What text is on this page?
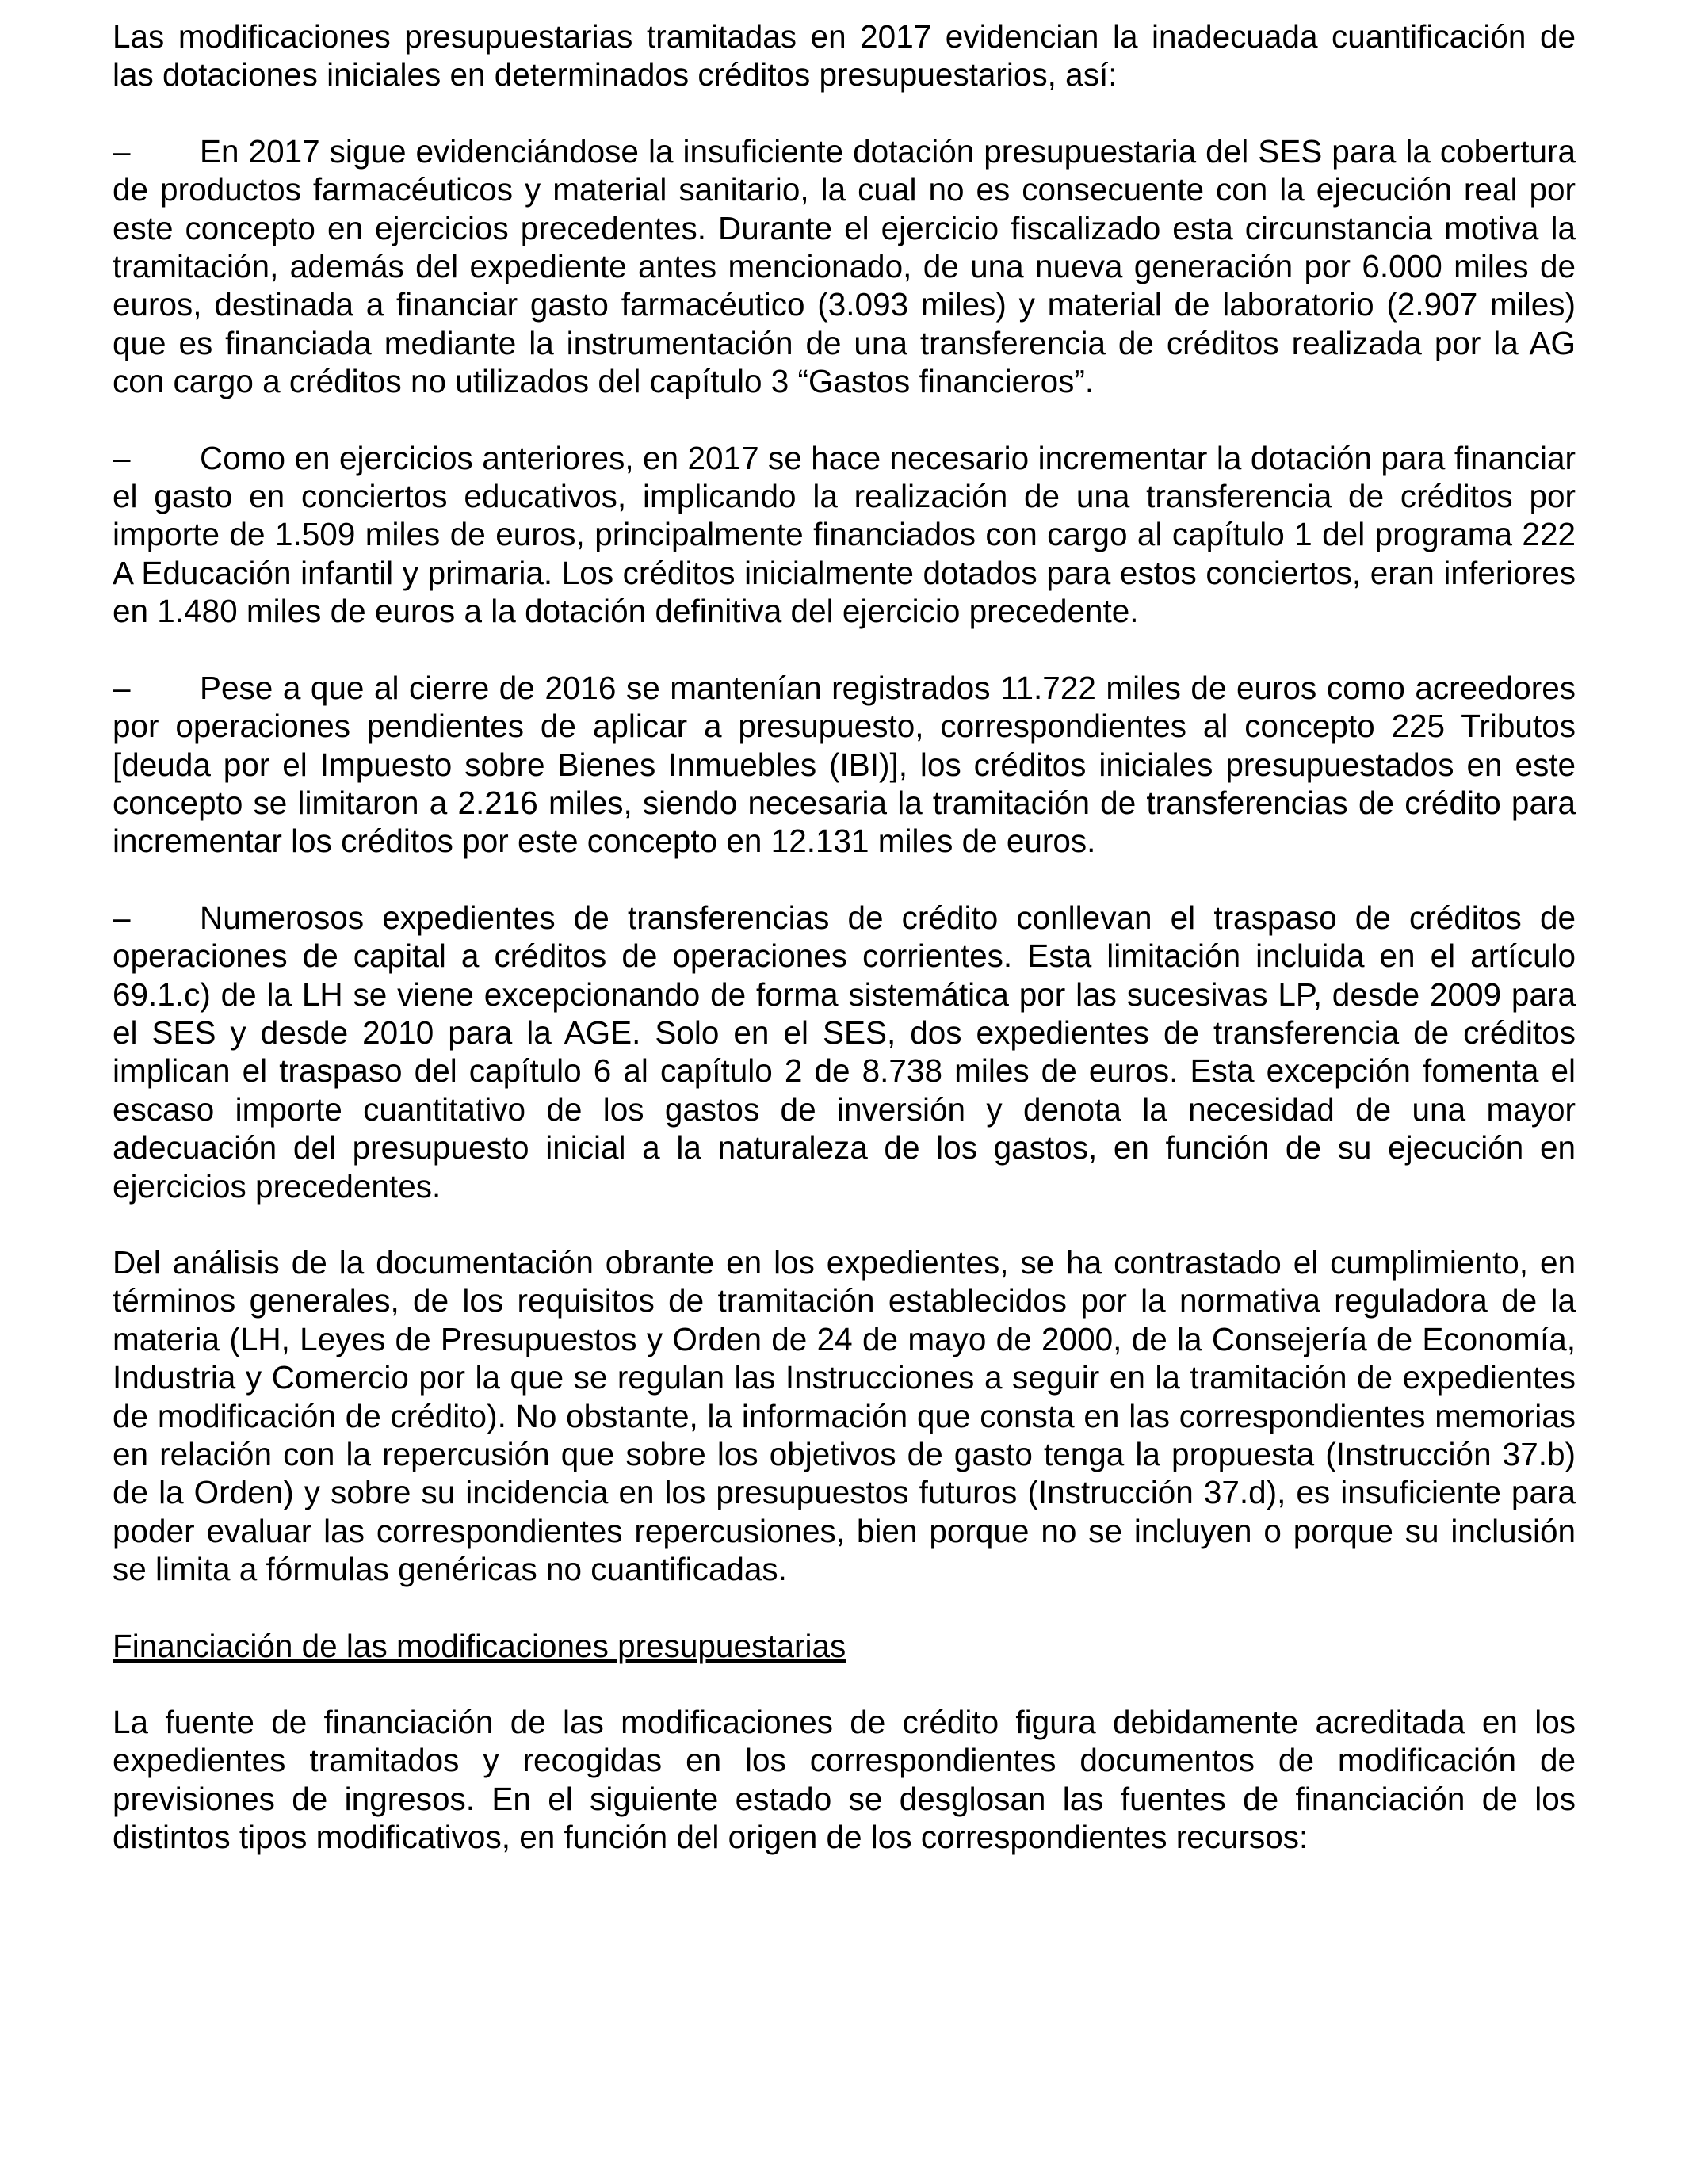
Las modificaciones presupuestarias tramitadas en 2017 evidencian la inadecuada cuantificación de las dotaciones iniciales en determinados créditos presupuestarios, así:

– En 2017 sigue evidenciándose la insuficiente dotación presupuestaria del SES para la cobertura de productos farmacéuticos y material sanitario, la cual no es consecuente con la ejecución real por este concepto en ejercicios precedentes. Durante el ejercicio fiscalizado esta circunstancia motiva la tramitación, además del expediente antes mencionado, de una nueva generación por 6.000 miles de euros, destinada a financiar gasto farmacéutico (3.093 miles) y material de laboratorio (2.907 miles) que es financiada mediante la instrumentación de una transferencia de créditos realizada por la AG con cargo a créditos no utilizados del capítulo 3 “Gastos financieros”.
– Como en ejercicios anteriores, en 2017 se hace necesario incrementar la dotación para financiar el gasto en conciertos educativos, implicando la realización de una transferencia de créditos por importe de 1.509 miles de euros, principalmente financiados con cargo al capítulo 1 del programa 222 A Educación infantil y primaria. Los créditos inicialmente dotados para estos conciertos, eran inferiores en 1.480 miles de euros a la dotación definitiva del ejercicio precedente.
– Pese a que al cierre de 2016 se mantenían registrados 11.722 miles de euros como acreedores por operaciones pendientes de aplicar a presupuesto, correspondientes al concepto 225 Tributos [deuda por el Impuesto sobre Bienes Inmuebles (IBI)], los créditos iniciales presupuestados en este concepto se limitaron a 2.216 miles, siendo necesaria la tramitación de transferencias de crédito para incrementar los créditos por este concepto en 12.131 miles de euros.
– Numerosos expedientes de transferencias de crédito conllevan el traspaso de créditos de operaciones de capital a créditos de operaciones corrientes. Esta limitación incluida en el artículo 69.1.c) de la LH se viene excepcionando de forma sistemática por las sucesivas LP, desde 2009 para el SES y desde 2010 para la AGE. Solo en el SES, dos expedientes de transferencia de créditos implican el traspaso del capítulo 6 al capítulo 2 de 8.738 miles de euros. Esta excepción fomenta el escaso importe cuantitativo de los gastos de inversión y denota la necesidad de una mayor adecuación del presupuesto inicial a la naturaleza de los gastos, en función de su ejecución en ejercicios precedentes.

Del análisis de la documentación obrante en los expedientes, se ha contrastado el cumplimiento, en términos generales, de los requisitos de tramitación establecidos por la normativa reguladora de la materia (LH, Leyes de Presupuestos y Orden de 24 de mayo de 2000, de la Consejería de Economía, Industria y Comercio por la que se regulan las Instrucciones a seguir en la tramitación de expedientes de modificación de crédito). No obstante, la información que consta en las correspondientes memorias en relación con la repercusión que sobre los objetivos de gasto tenga la propuesta (Instrucción 37.b) de la Orden) y sobre su incidencia en los presupuestos futuros (Instrucción 37.d), es insuficiente para poder evaluar las correspondientes repercusiones, bien porque no se incluyen o porque su inclusión se limita a fórmulas genéricas no cuantificadas.

Financiación de las modificaciones presupuestarias

La fuente de financiación de las modificaciones de crédito figura debidamente acreditada en los expedientes tramitados y recogidas en los correspondientes documentos de modificación de previsiones de ingresos. En el siguiente estado se desglosan las fuentes de financiación de los distintos tipos modificativos, en función del origen de los correspondientes recursos:
